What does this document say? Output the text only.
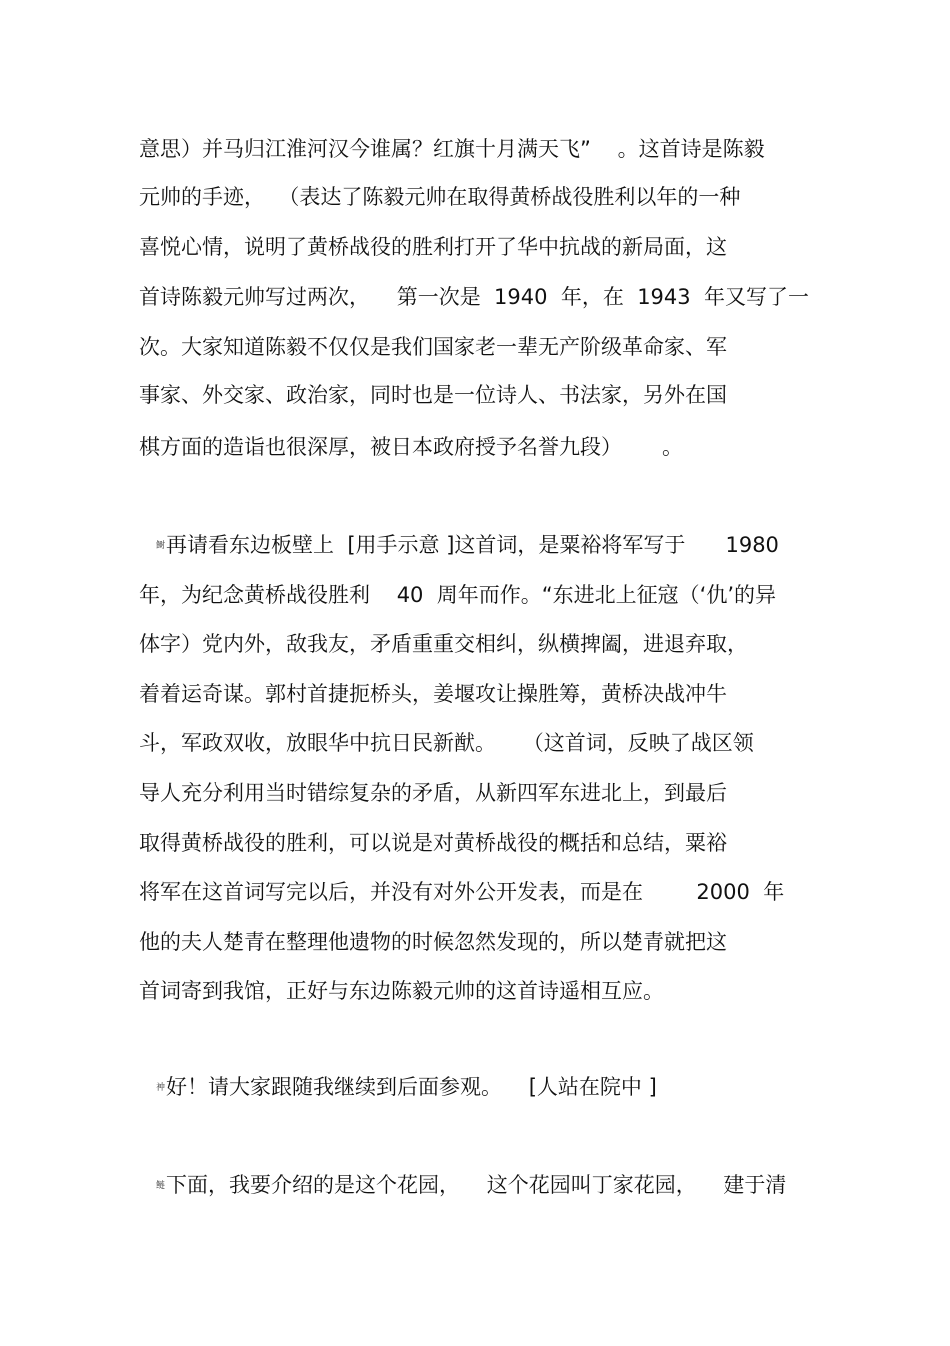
意思）并马归江淮河汉今谁属？红旗十月满天飞”    。这首诗是陈毅
元帅的手迹，  （表达了陈毅元帅在取得黄桥战役胜利以年的一种
喜悦心情，说明了黄桥战役的胜利打开了华中抗战的新局面，这
首诗陈毅元帅写过两次，    第一次是  1940  年，在  1943  年又写了一
次。大家知道陈毅不仅仅是我们国家老一辈无产阶级革命家、军
事家、外交家、政治家，同时也是一位诗人、书法家，另外在国
棋方面的造诣也很深厚，被日本政府授予名誉九段）      。
鲥再请看东边板壁上  [用手示意 ]这首词，是粟裕将军写于      1980
年，为纪念黄桥战役胜利    40  周年而作。“东进北上征寇（‘仇’的异
体字）党内外，敌我友，矛盾重重交相纠，纵横捭阖，进退弃取，
着着运奇谋。郭村首捷扼桥头，姜堰攻让操胜筹，黄桥决战冲牛
斗，军政双收，放眼华中抗日民新猷。    （这首词，反映了战区领
导人充分利用当时错综复杂的矛盾，从新四军东进北上，到最后
取得黄桥战役的胜利，可以说是对黄桥战役的概括和总结，粟裕
将军在这首词写完以后，并没有对外公开发表，而是在        2000  年
他的夫人楚青在整理他遗物的时候忽然发现的，所以楚青就把这
首词寄到我馆，正好与东边陈毅元帅的这首诗遥相互应。
衶好！请大家跟随我继续到后面参观。    [人站在院中 ]
鲢下面，我要介绍的是这个花园，    这个花园叫丁家花园，    建于清
